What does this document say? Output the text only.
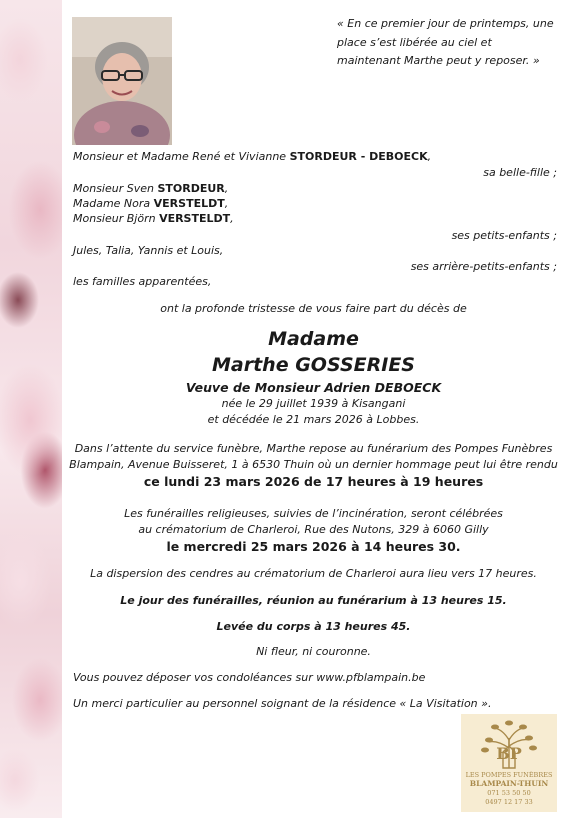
« En ce premier jour de printemps, une place s’est libérée au ciel et maintenant Marthe peut y reposer. »
Monsieur et Madame René et Vivianne STORDEUR - DEBOECK,
sa belle-fille ;
Monsieur Sven STORDEUR,
Madame Nora VERSTELDT,
Monsieur Björn VERSTELDT,
ses petits-enfants ;
Jules, Talia, Yannis et Louis,
ses arrière-petits-enfants ;
les familles apparentées,
ont la profonde tristesse de vous faire part du décès de
Madame
Marthe GOSSERIES
Veuve de Monsieur Adrien DEBOECK
née le 29 juillet 1939 à Kisangani
et décédée le 21 mars 2026 à Lobbes.
Dans l’attente du service funèbre, Marthe repose au funérarium des Pompes Funèbres
Blampain, Avenue Buisseret, 1 à 6530 Thuin où un dernier hommage peut lui être rendu
ce lundi 23 mars 2026 de 17 heures à 19 heures
Les funérailles religieuses, suivies de l’incinération, seront célébrées
au crématorium de Charleroi, Rue des Nutons, 329 à 6060 Gilly
le mercredi 25 mars 2026 à 14 heures 30.
La dispersion des cendres au crématorium de Charleroi aura lieu vers 17 heures.
Le jour des funérailles, réunion au funérarium à 13 heures 15.
Levée du corps à 13 heures 45.
Ni fleur, ni couronne.
Vous pouvez déposer vos condoléances sur www.pfblampain.be
Un merci particulier au personnel soignant de la résidence « La Visitation ».
BP
LES POMPES FUNÈBRES
BLAMPAIN-THUIN
071 53 50 50
0497 12 17 33
